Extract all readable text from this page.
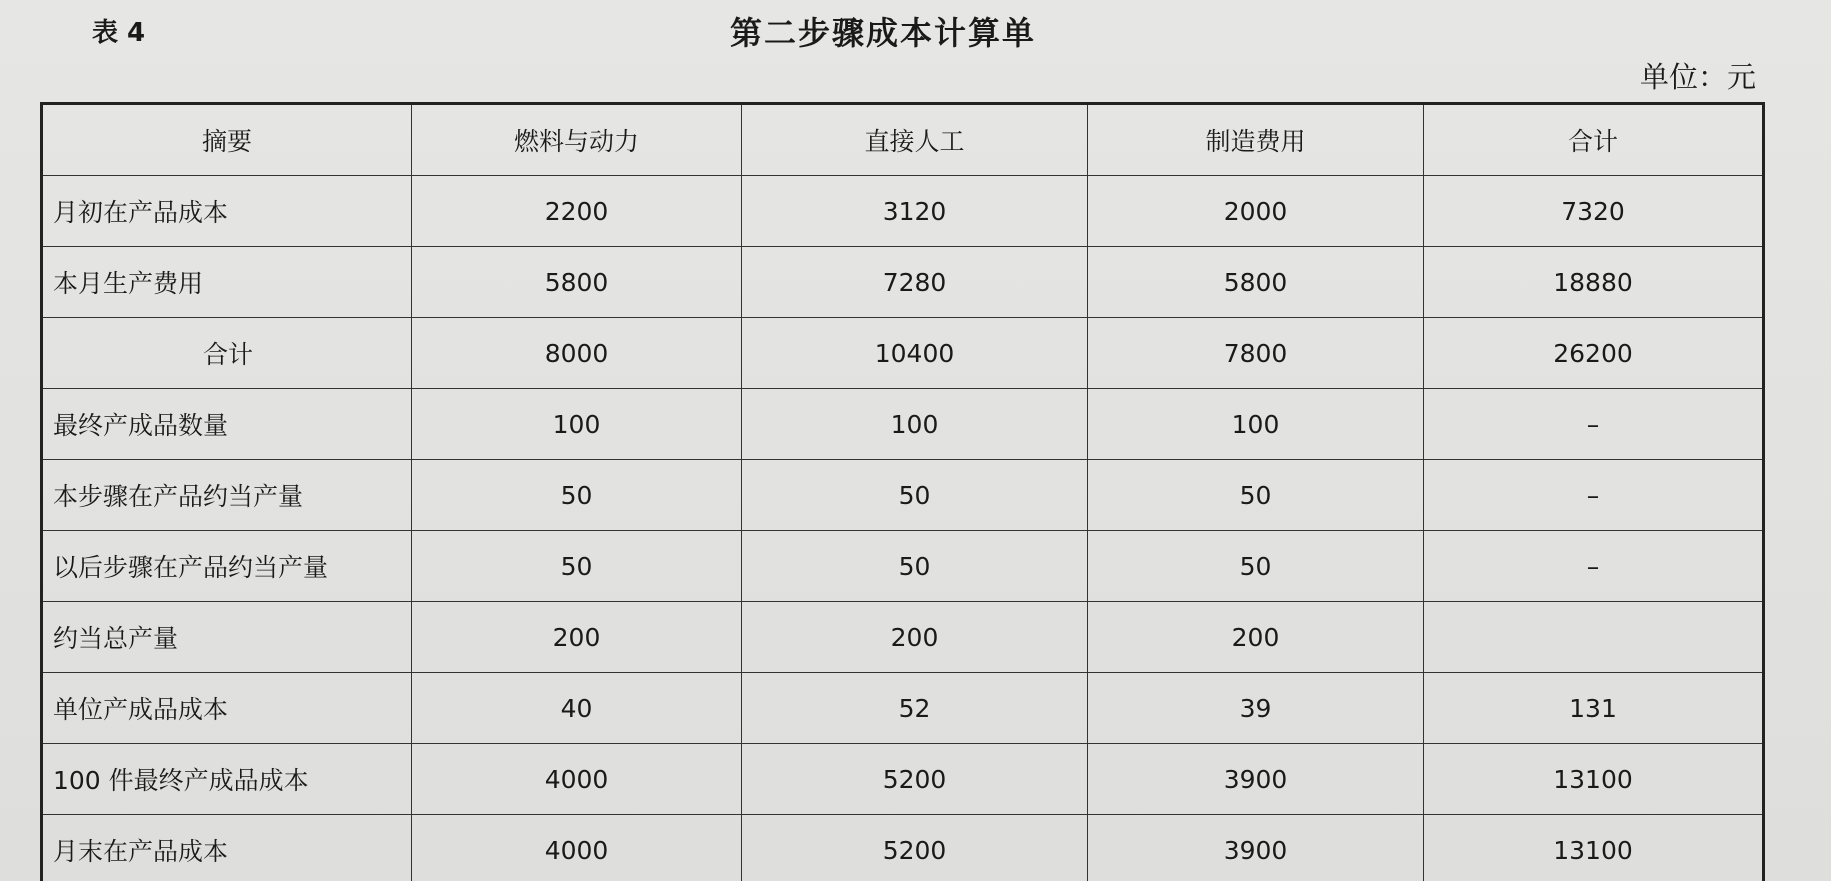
表 4	第二步骤成本计算单
单位：元
摘要	燃料与动力	直接人工	制造费用	合计
月初在产品成本	2200	3120	2000	7320
本月生产费用	5800	7280	5800	18880
合计	8000	10400	7800	26200
最终产成品数量	100	100	100	–
本步骤在产品约当产量	50	50	50	–
以后步骤在产品约当产量	50	50	50	–
约当总产量	200	200	200	
单位产成品成本	40	52	39	131
100 件最终产成品成本	4000	5200	3900	13100
月末在产品成本	4000	5200	3900	13100
